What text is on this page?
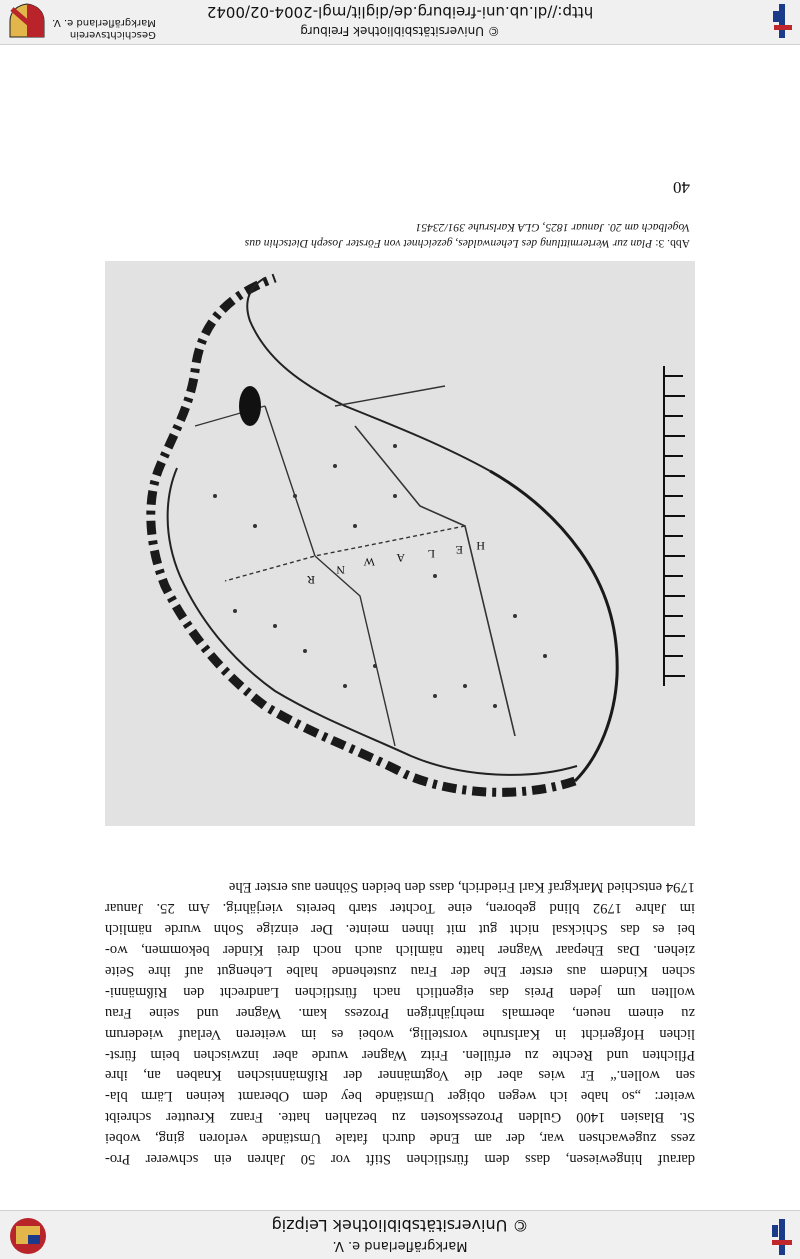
Markgräflerland e. V.
© Universitätsbibliothek Leipzig
darauf hingewiesen, dass dem fürstlichen Stift vor 50 Jahren ein schwerer Pro-
zess zugewachsen war, der am Ende durch fatale Umstände verloren ging, wobei
St. Blasien 1400 Gulden Prozesskosten zu bezahlen hatte. Franz Kreutter schreibt
weiter: „so habe ich wegen obiger Umstände bey dem Oberamt keinen Lärm bla-
sen wollen.“ Er wies aber die Vogtmänner der Rißmännischen Knaben an, ihre
Pflichten und Rechte zu erfüllen. Fritz Wagner wurde aber inzwischen beim fürst-
lichen Hofgericht in Karlsruhe vorstellig, wobei es im weiteren Verlauf wiederum
zu einem neuen, abermals mehrjährigen Prozess kam. Wagner und seine Frau
wollten um jeden Preis das eigentlich nach fürstlichen Landrecht den Rißmänni-
schen Kindern aus erster Ehe der Frau zustehende halbe Lehengut auf ihre Seite
ziehen. Das Ehepaar Wagner hatte nämlich auch noch drei Kinder bekommen, wo-
bei es das Schicksal nicht gut mit ihnen meinte. Der einzige Sohn wurde nämlich
im Jahre 1792 blind geboren, eine Tochter starb bereits vierjährig. Am 25. Januar
1794 entschied Markgraf Karl Friedrich, dass den beiden Söhnen aus erster Ehe
R
N
W A L E H
Abb. 3: Plan zur Wertermittlung des Lehenwaldes, gezeichnet von Förster Joseph Dietschin aus
Vogelbach am 20. Januar 1825, GLA Karlsruhe 391/23451
40
© Universitätsbibliothek Freiburg
http://dl.ub.uni-freiburg.de/diglit/mgl-2004-02/0042
Geschichtsverein
Markgräflerland e. V.
